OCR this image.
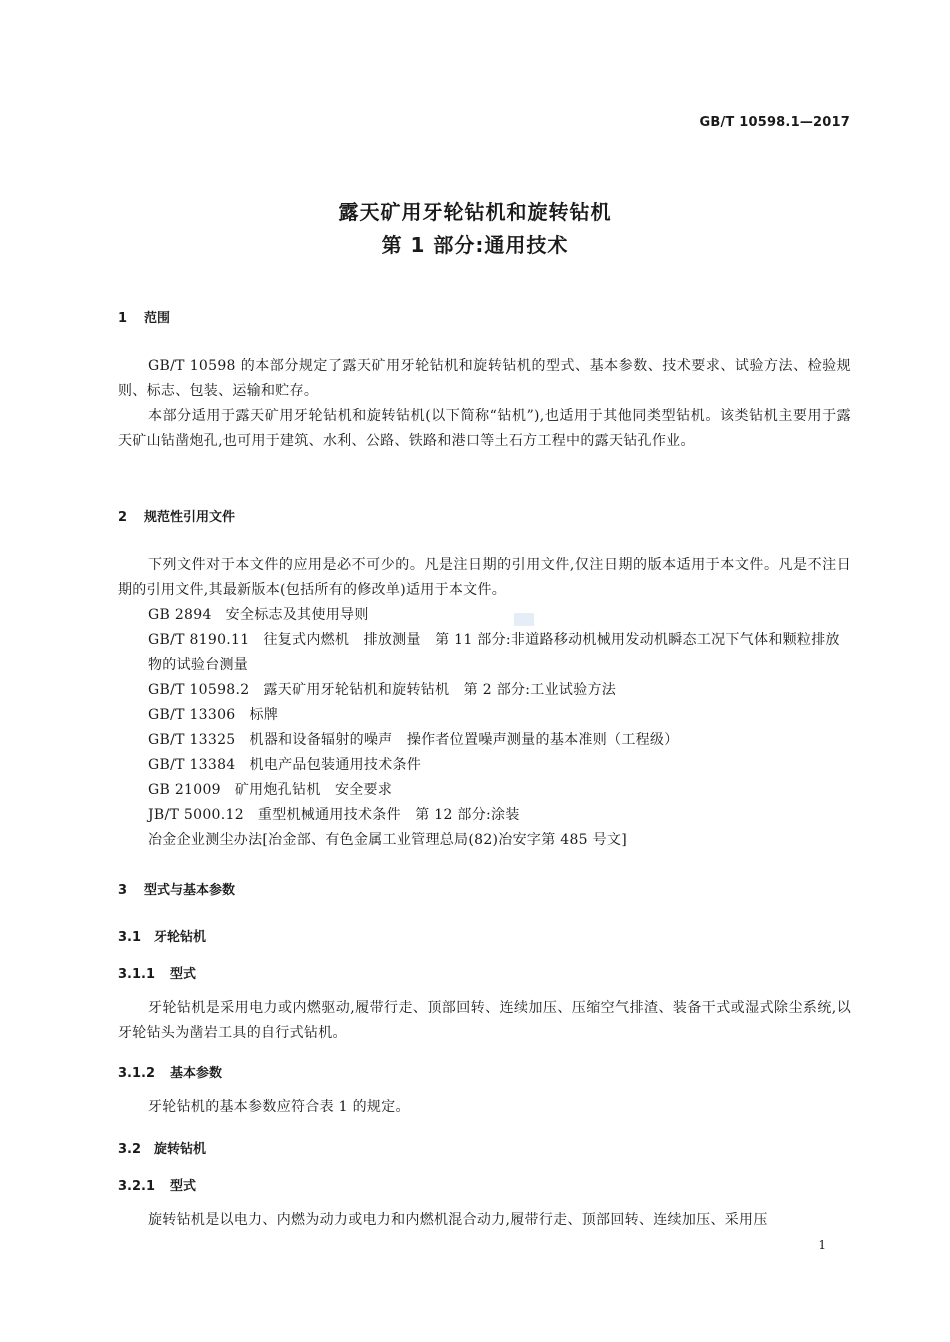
GB/T 10598.1—2017
露天矿用牙轮钻机和旋转钻机
第 1 部分:通用技术
1 范围
GB/T 10598 的本部分规定了露天矿用牙轮钻机和旋转钻机的型式、基本参数、技术要求、试验方法、检验规则、标志、包装、运输和贮存。
本部分适用于露天矿用牙轮钻机和旋转钻机(以下简称“钻机”),也适用于其他同类型钻机。该类钻机主要用于露天矿山钻凿炮孔,也可用于建筑、水利、公路、铁路和港口等土石方工程中的露天钻孔作业。
2 规范性引用文件
下列文件对于本文件的应用是必不可少的。凡是注日期的引用文件,仅注日期的版本适用于本文件。凡是不注日期的引用文件,其最新版本(包括所有的修改单)适用于本文件。
GB 2894 安全标志及其使用导则
GB/T 8190.11 往复式内燃机　排放测量　第 11 部分:非道路移动机械用发动机瞬态工况下气体和颗粒排放物的试验台测量
GB/T 10598.2 露天矿用牙轮钻机和旋转钻机　第 2 部分:工业试验方法
GB/T 13306 标牌
GB/T 13325 机器和设备辐射的噪声　操作者位置噪声测量的基本准则（工程级）
GB/T 13384 机电产品包装通用技术条件
GB 21009 矿用炮孔钻机　安全要求
JB/T 5000.12 重型机械通用技术条件　第 12 部分:涂装
冶金企业测尘办法[冶金部、有色金属工业管理总局(82)冶安字第 485 号文]
3 型式与基本参数
3.1 牙轮钻机
3.1.1 型式
牙轮钻机是采用电力或内燃驱动,履带行走、顶部回转、连续加压、压缩空气排渣、装备干式或湿式除尘系统,以牙轮钻头为凿岩工具的自行式钻机。
3.1.2 基本参数
牙轮钻机的基本参数应符合表 1 的规定。
3.2 旋转钻机
3.2.1 型式
旋转钻机是以电力、内燃为动力或电力和内燃机混合动力,履带行走、顶部回转、连续加压、采用压
1
